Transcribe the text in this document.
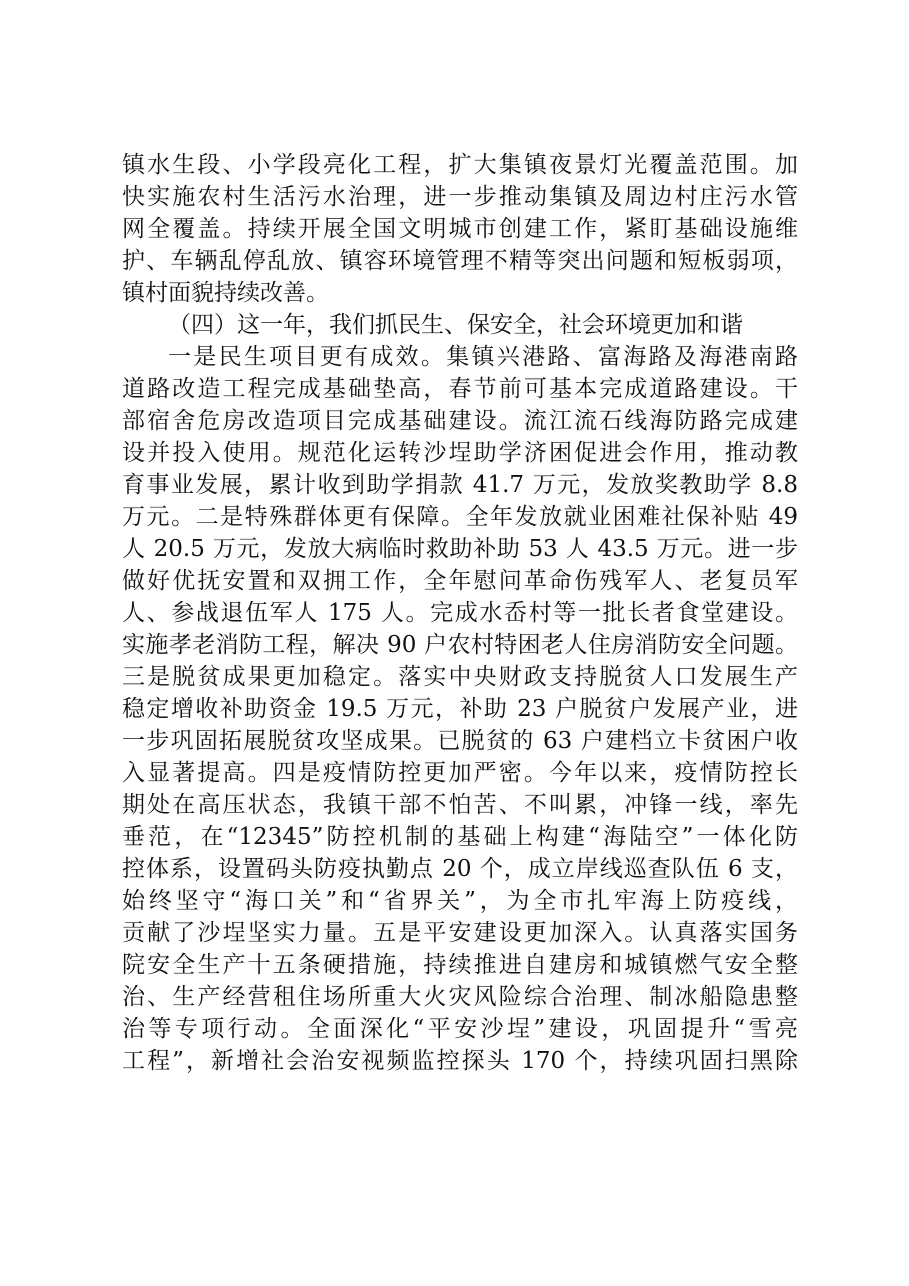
镇水生段、小学段亮化工程，扩大集镇夜景灯光覆盖范围。加
快实施农村生活污水治理，进一步推动集镇及周边村庄污水管
网全覆盖。持续开展全国文明城市创建工作，紧盯基础设施维
护、车辆乱停乱放、镇容环境管理不精等突出问题和短板弱项，
镇村面貌持续改善。
（四）这一年，我们抓民生、保安全，社会环境更加和谐
一是民生项目更有成效。集镇兴港路、富海路及海港南路
道路改造工程完成基础垫高，春节前可基本完成道路建设。干
部宿舍危房改造项目完成基础建设。流江流石线海防路完成建
设并投入使用。规范化运转沙埕助学济困促进会作用，推动教
育事业发展，累计收到助学捐款 41.7 万元，发放奖教助学 8.8
万元。二是特殊群体更有保障。全年发放就业困难社保补贴 49
人 20.5 万元，发放大病临时救助补助 53 人 43.5 万元。进一步
做好优抚安置和双拥工作，全年慰问革命伤残军人、老复员军
人、参战退伍军人 175 人。完成水岙村等一批长者食堂建设。
实施孝老消防工程，解决 90 户农村特困老人住房消防安全问题。
三是脱贫成果更加稳定。落实中央财政支持脱贫人口发展生产
稳定增收补助资金 19.5 万元，补助 23 户脱贫户发展产业，进
一步巩固拓展脱贫攻坚成果。已脱贫的 63 户建档立卡贫困户收
入显著提高。四是疫情防控更加严密。今年以来，疫情防控长
期处在高压状态，我镇干部不怕苦、不叫累，冲锋一线，率先
垂范，在“12345”防控机制的基础上构建“海陆空”一体化防
控体系，设置码头防疫执勤点 20 个，成立岸线巡查队伍 6 支，
始终坚守“海口关”和“省界关”，为全市扎牢海上防疫线，
贡献了沙埕坚实力量。五是平安建设更加深入。认真落实国务
院安全生产十五条硬措施，持续推进自建房和城镇燃气安全整
治、生产经营租住场所重大火灾风险综合治理、制冰船隐患整
治等专项行动。全面深化“平安沙埕”建设，巩固提升“雪亮
工程”，新增社会治安视频监控探头 170 个，持续巩固扫黑除
